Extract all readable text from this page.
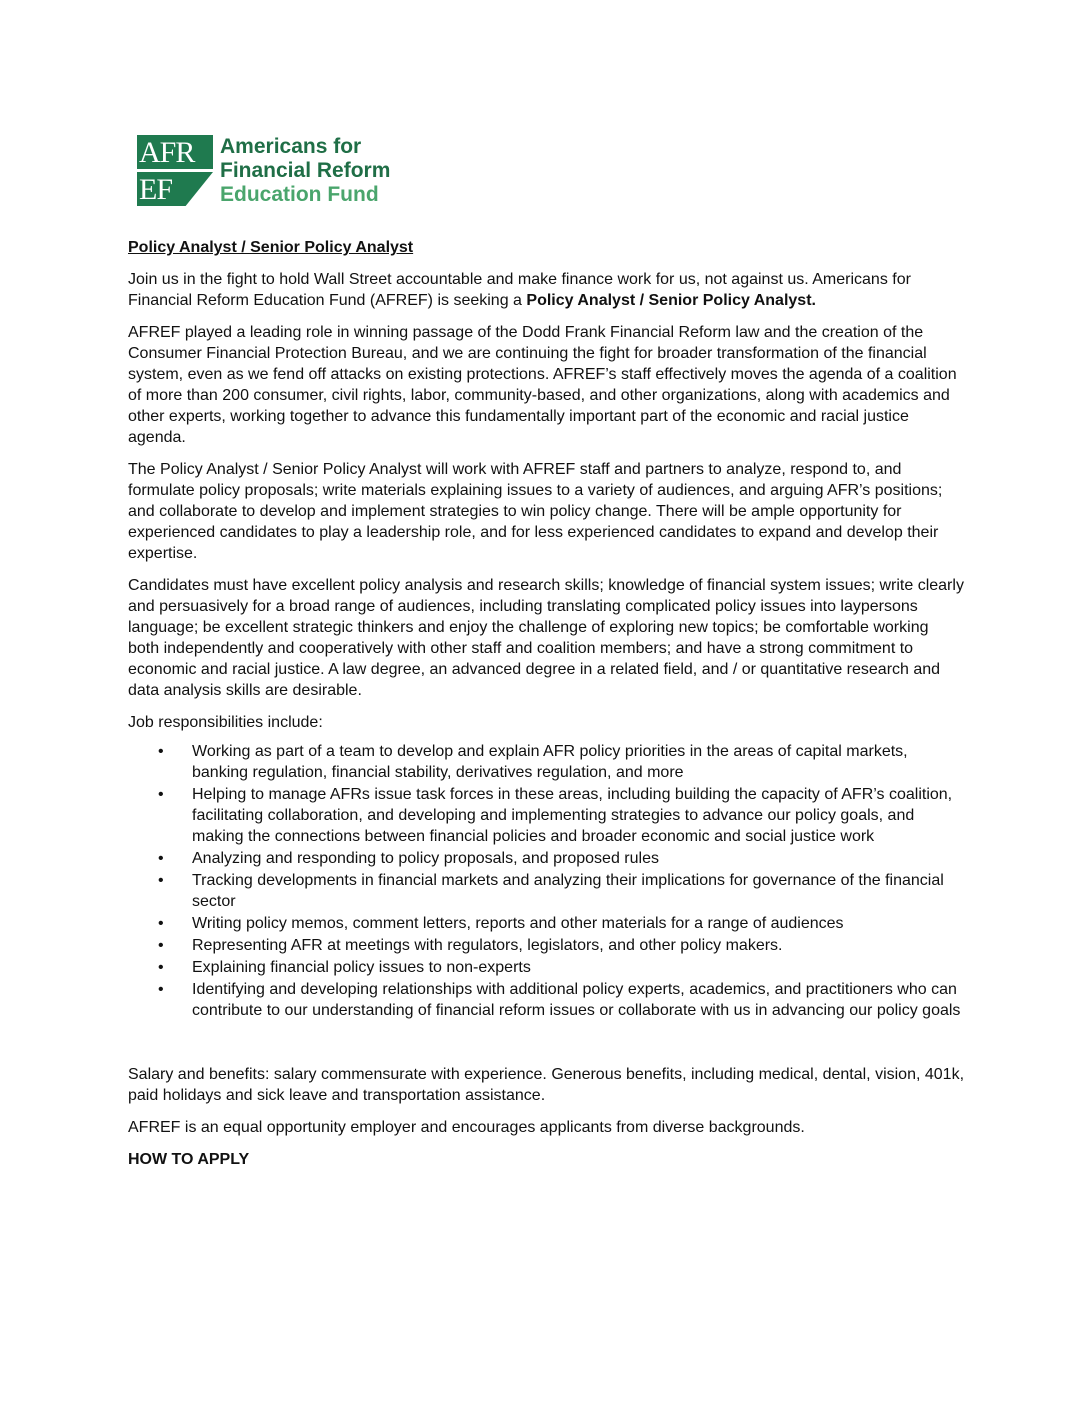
AFR
EF
Americans for
Financial Reform
Education Fund
Policy Analyst / Senior Policy Analyst

Join us in the fight to hold Wall Street accountable and make finance work for us, not against us. Americans for Financial Reform Education Fund (AFREF) is seeking a Policy Analyst / Senior Policy Analyst.

AFREF played a leading role in winning passage of the Dodd Frank Financial Reform law and the creation of the Consumer Financial Protection Bureau, and we are continuing the fight for broader transformation of the financial system, even as we fend off attacks on existing protections. AFREF’s staff effectively moves the agenda of a coalition of more than 200 consumer, civil rights, labor, community-based, and other organizations, along with academics and other experts, working together to advance this fundamentally important part of the economic and racial justice agenda.

The Policy Analyst / Senior Policy Analyst will work with AFREF staff and partners to analyze, respond to, and formulate policy proposals; write materials explaining issues to a variety of audiences, and arguing AFR’s positions; and collaborate to develop and implement strategies to win policy change. There will be ample opportunity for experienced candidates to play a leadership role, and for less experienced candidates to expand and develop their expertise.

Candidates must have excellent policy analysis and research skills; knowledge of financial system issues; write clearly and persuasively for a broad range of audiences, including translating complicated policy issues into laypersons language; be excellent strategic thinkers and enjoy the challenge of exploring new topics; be comfortable working both independently and cooperatively with other staff and coalition members; and have a strong commitment to economic and racial justice. A law degree, an advanced degree in a related field, and / or quantitative research and data analysis skills are desirable.

Job responsibilities include:
• Working as part of a team to develop and explain AFR policy priorities in the areas of capital markets, banking regulation, financial stability, derivatives regulation, and more
• Helping to manage AFRs issue task forces in these areas, including building the capacity of AFR’s coalition, facilitating collaboration, and developing and implementing strategies to advance our policy goals, and making the connections between financial policies and broader economic and social justice work
• Analyzing and responding to policy proposals, and proposed rules
• Tracking developments in financial markets and analyzing their implications for governance of the financial sector
• Writing policy memos, comment letters, reports and other materials for a range of audiences
• Representing AFR at meetings with regulators, legislators, and other policy makers.
• Explaining financial policy issues to non-experts
• Identifying and developing relationships with additional policy experts, academics, and practitioners who can contribute to our understanding of financial reform issues or collaborate with us in advancing our policy goals

Salary and benefits: salary commensurate with experience. Generous benefits, including medical, dental, vision, 401k, paid holidays and sick leave and transportation assistance.

AFREF is an equal opportunity employer and encourages applicants from diverse backgrounds.

HOW TO APPLY
